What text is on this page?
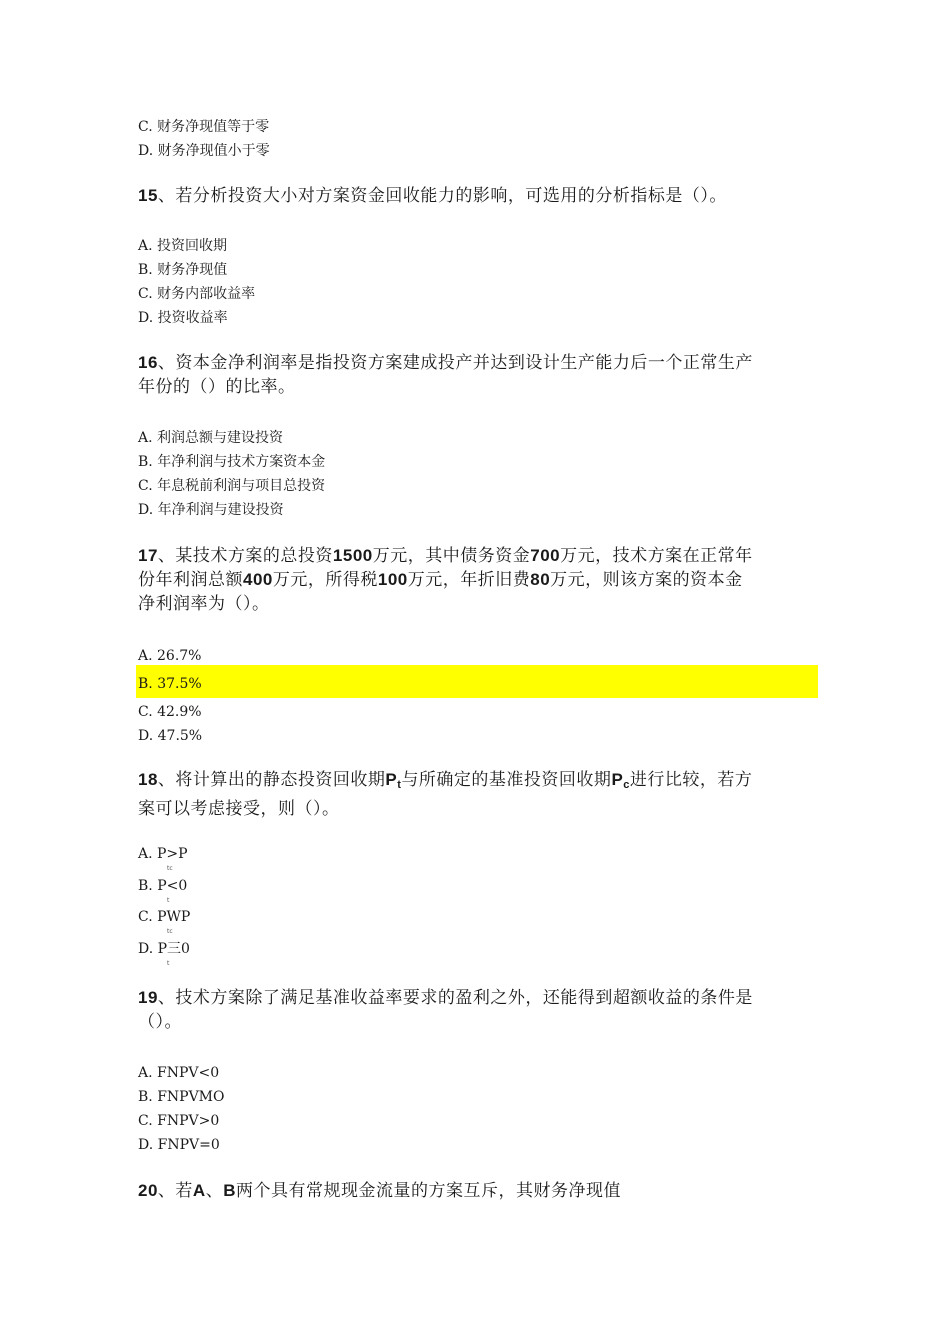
C. 财务净现值等于零
D. 财务净现值小于零
15、若分析投资大小对方案资金回收能力的影响，可选用的分析指标是（）。
A. 投资回收期
B. 财务净现值
C. 财务内部收益率
D. 投资收益率
16、资本金净利润率是指投资方案建成投产并达到设计生产能力后一个正常生产
年份的（）的比率。
A. 利润总额与建设投资
B. 年净利润与技术方案资本金
C. 年息税前利润与项目总投资
D. 年净利润与建设投资
17、某技术方案的总投资1500万元，其中债务资金700万元，技术方案在正常年
份年利润总额400万元，所得税100万元，年折旧费80万元，则该方案的资本金
净利润率为（）。
A. 26.7%
B. 37.5%
C. 42.9%
D. 47.5%
18、将计算出的静态投资回收期$P_t$与所确定的基准投资回收期$P_c$进行比较，若方
案可以考虑接受，则（）。
A. P>P
tc
B. P<0
t
C. PWP
tc
D. P三0
t
19、技术方案除了满足基准收益率要求的盈利之外，还能得到超额收益的条件是
（）。
A. FNPV<0
B. FNPVMO
C. FNPV>0
D. FNPV=0
20、若A、B两个具有常规现金流量的方案互斥，其财务净现值
